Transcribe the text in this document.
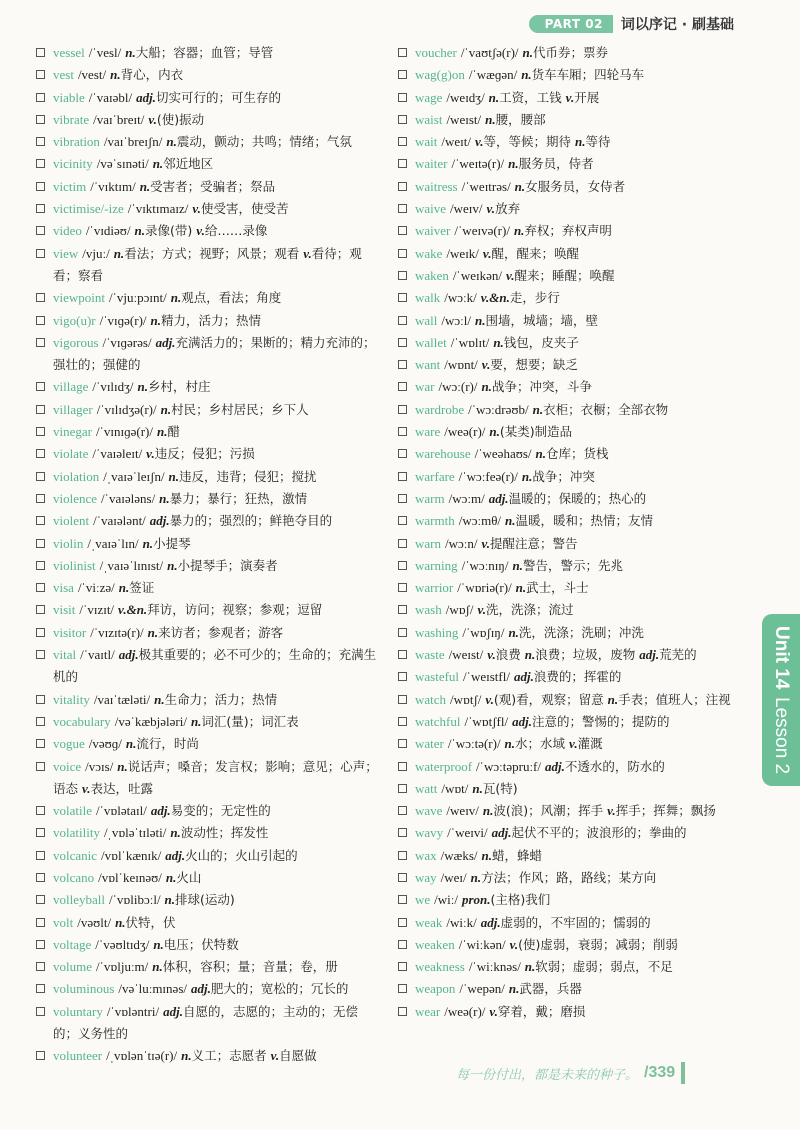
PART 02	词以序记 · 刷基础
vessel /ˈvesl/ n.大船；容器；血管；导管
vest /vest/ n.背心，内衣
viable /ˈvaɪəbl/ adj.切实可行的；可生存的
vibrate /vaɪˈbreɪt/ v.(使)振动
vibration /vaɪˈbreɪʃn/ n.震动，颤动；共鸣；情绪；气氛
vicinity /vəˈsɪnəti/ n.邻近地区
victim /ˈvɪktɪm/ n.受害者；受骗者；祭品
victimise/-ize /ˈvɪktɪmaɪz/ v.使受害，使受苦
video /ˈvɪdiəʊ/ n.录像(带) v.给……录像
view /vjuː/ n.看法；方式；视野；风景；观看 v.看待；观看；察看
viewpoint /ˈvjuːpɔɪnt/ n.观点，看法；角度
vigo(u)r /ˈvɪɡə(r)/ n.精力，活力；热情
vigorous /ˈvɪɡərəs/ adj.充满活力的；果断的；精力充沛的；强壮的；强健的
village /ˈvɪlɪdʒ/ n.乡村，村庄
villager /ˈvɪlɪdʒə(r)/ n.村民；乡村居民；乡下人
vinegar /ˈvɪnɪɡə(r)/ n.醋
violate /ˈvaɪəleɪt/ v.违反；侵犯；污损
violation /ˌvaɪəˈleɪʃn/ n.违反，违背；侵犯；搅扰
violence /ˈvaɪələns/ n.暴力；暴行；狂热，激情
violent /ˈvaɪələnt/ adj.暴力的；强烈的；鲜艳夺目的
violin /ˌvaɪəˈlɪn/ n.小提琴
violinist /ˌvaɪəˈlɪnɪst/ n.小提琴手；演奏者
visa /ˈviːzə/ n.签证
visit /ˈvɪzɪt/ v.&n.拜访，访问；视察；参观；逗留
visitor /ˈvɪzɪtə(r)/ n.来访者；参观者；游客
vital /ˈvaɪtl/ adj.极其重要的；必不可少的；生命的；充满生机的
vitality /vaɪˈtæləti/ n.生命力；活力；热情
vocabulary /vəˈkæbjələri/ n.词汇(量)；词汇表
vogue /vəʊɡ/ n.流行，时尚
voice /vɔɪs/ n.说话声；嗓音；发言权；影响；意见；心声；语态 v.表达，吐露
volatile /ˈvɒlətaɪl/ adj.易变的；无定性的
volatility /ˌvɒləˈtɪləti/ n.波动性；挥发性
volcanic /vɒlˈkænɪk/ adj.火山的；火山引起的
volcano /vɒlˈkeɪnəʊ/ n.火山
volleyball /ˈvɒlibɔːl/ n.排球(运动)
volt /vəʊlt/ n.伏特，伏
voltage /ˈvəʊltɪdʒ/ n.电压；伏特数
volume /ˈvɒljuːm/ n.体积，容积；量；音量；卷，册
voluminous /vəˈluːmɪnəs/ adj.肥大的；宽松的；冗长的
voluntary /ˈvɒləntri/ adj.自愿的，志愿的；主动的；无偿的；义务性的
volunteer /ˌvɒlənˈtɪə(r)/ n.义工；志愿者 v.自愿做
voucher /ˈvaʊtʃə(r)/ n.代币券；票券
wag(g)on /ˈwæɡən/ n.货车车厢；四轮马车
wage /weɪdʒ/ n.工资，工钱 v.开展
waist /weɪst/ n.腰，腰部
wait /weɪt/ v.等，等候；期待 n.等待
waiter /ˈweɪtə(r)/ n.服务员，侍者
waitress /ˈweɪtrəs/ n.女服务员，女侍者
waive /weɪv/ v.放弃
waiver /ˈweɪvə(r)/ n.弃权；弃权声明
wake /weɪk/ v.醒，醒来；唤醒
waken /ˈweɪkən/ v.醒来；睡醒；唤醒
walk /wɔːk/ v.&n.走，步行
wall /wɔːl/ n.围墙，城墙；墙，壁
wallet /ˈwɒlɪt/ n.钱包，皮夹子
want /wɒnt/ v.要，想要；缺乏
war /wɔː(r)/ n.战争；冲突，斗争
wardrobe /ˈwɔːdrəʊb/ n.衣柜；衣橱；全部衣物
ware /weə(r)/ n.(某类)制造品
warehouse /ˈweəhaʊs/ n.仓库；货栈
warfare /ˈwɔːfeə(r)/ n.战争；冲突
warm /wɔːm/ adj.温暖的；保暖的；热心的
warmth /wɔːmθ/ n.温暖，暖和；热情；友情
warn /wɔːn/ v.提醒注意；警告
warning /ˈwɔːnɪŋ/ n.警告，警示；先兆
warrior /ˈwɒriə(r)/ n.武士，斗士
wash /wɒʃ/ v.洗，洗涤；流过
washing /ˈwɒʃɪŋ/ n.洗，洗涤；洗刷；冲洗
waste /weɪst/ v.浪费 n.浪费；垃圾，废物 adj.荒芜的
wasteful /ˈweɪstfl/ adj.浪费的；挥霍的
watch /wɒtʃ/ v.(观)看，观察；留意 n.手表；值班人；注视
watchful /ˈwɒtʃfl/ adj.注意的；警惕的；提防的
water /ˈwɔːtə(r)/ n.水；水域 v.灌溉
waterproof /ˈwɔːtəpruːf/ adj.不透水的，防水的
watt /wɒt/ n.瓦(特)
wave /weɪv/ n.波(浪)；风潮；挥手 v.挥手；挥舞；飘扬
wavy /ˈweɪvi/ adj.起伏不平的；波浪形的；拳曲的
wax /wæks/ n.蜡，蜂蜡
way /weɪ/ n.方法；作风；路，路线；某方向
we /wiː/ pron.(主格)我们
weak /wiːk/ adj.虚弱的，不牢固的；懦弱的
weaken /ˈwiːkən/ v.(使)虚弱，衰弱；减弱；削弱
weakness /ˈwiːknəs/ n.软弱；虚弱；弱点，不足
weapon /ˈwepən/ n.武器，兵器
wear /weə(r)/ v.穿着，戴；磨损
Unit 14
Lesson 2
每一份付出，都是未来的种子。 /339
